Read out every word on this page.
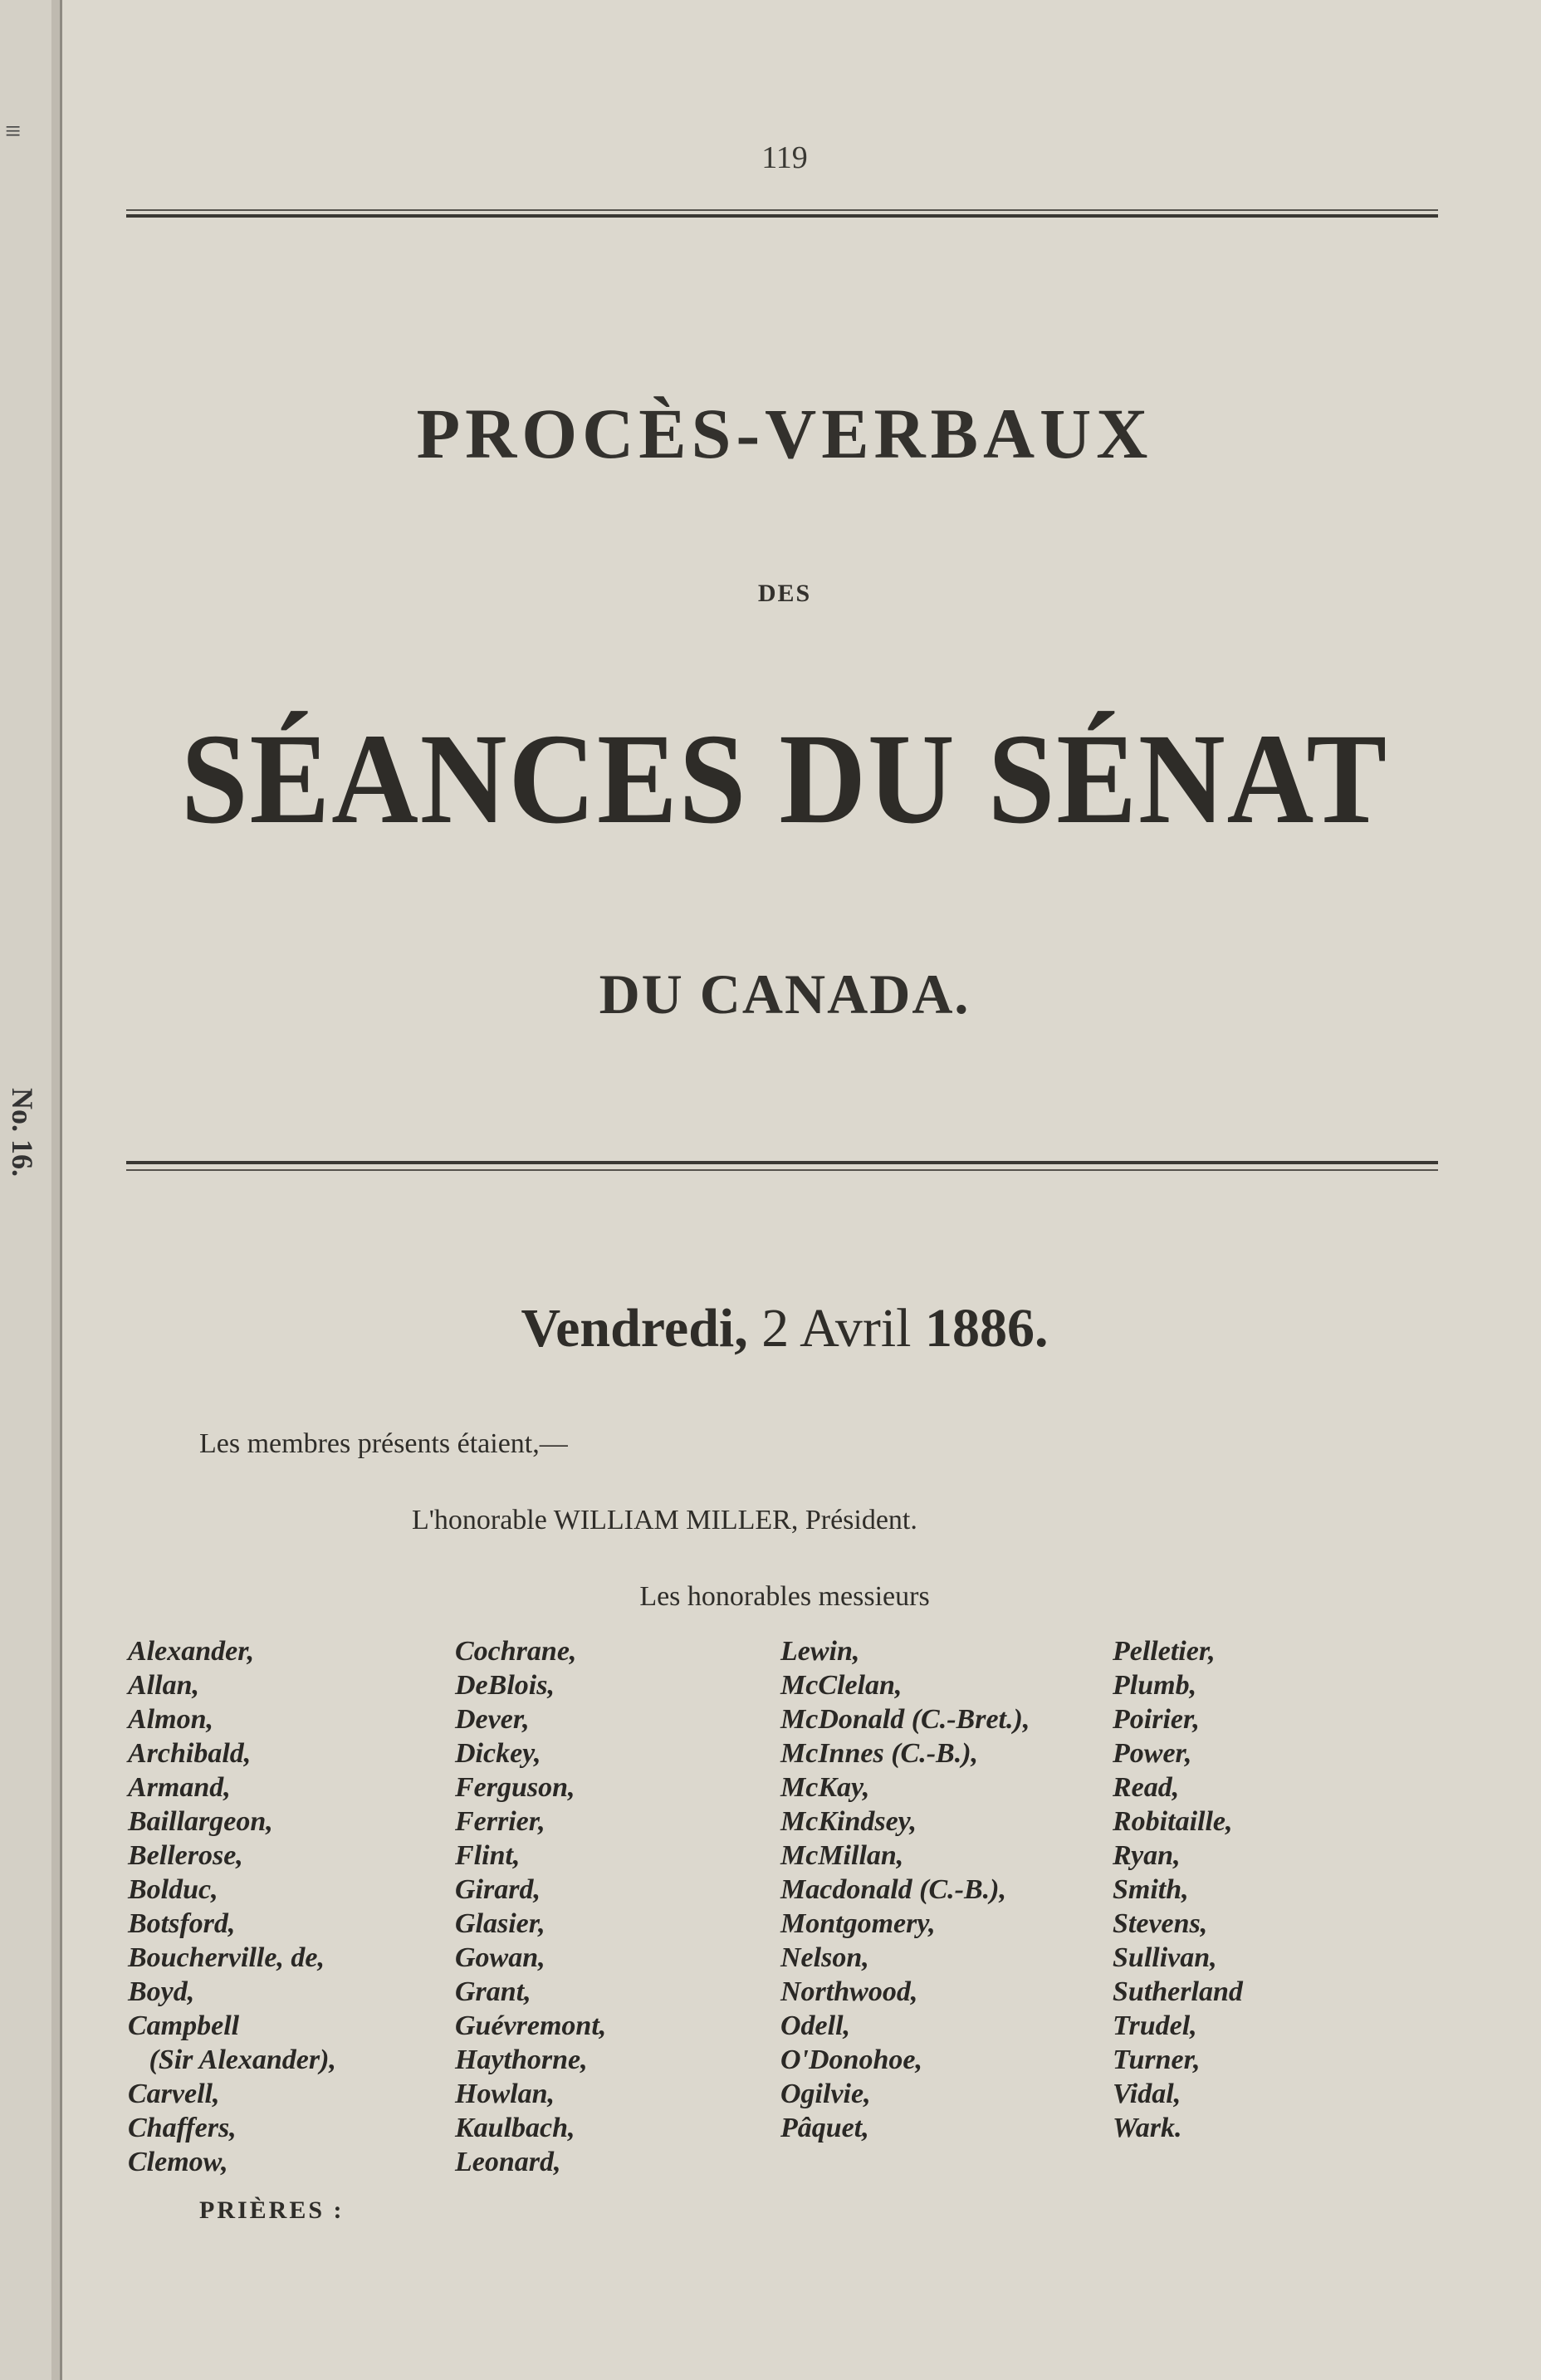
≡
No. 16.
119
PROCÈS-VERBAUX
DES
SÉANCES DU SÉNAT
DU CANADA.
Vendredi, 2 Avril 1886.
Les membres présents étaient,—
L'honorable WILLIAM MILLER, Président.
Les honorables messieurs
Alexander,
Allan,
Almon,
Archibald,
Armand,
Baillargeon,
Bellerose,
Bolduc,
Botsford,
Boucherville, de,
Boyd,
Campbell
(Sir Alexander),
Carvell,
Chaffers,
Clemow,
Cochrane,
DeBlois,
Dever,
Dickey,
Ferguson,
Ferrier,
Flint,
Girard,
Glasier,
Gowan,
Grant,
Guévremont,
Haythorne,
Howlan,
Kaulbach,
Leonard,
Lewin,
McClelan,
McDonald (C.-Bret.),
McInnes (C.-B.),
McKay,
McKindsey,
McMillan,
Macdonald (C.-B.),
Montgomery,
Nelson,
Northwood,
Odell,
O'Donohoe,
Ogilvie,
Pâquet,
Pelletier,
Plumb,
Poirier,
Power,
Read,
Robitaille,
Ryan,
Smith,
Stevens,
Sullivan,
Sutherland
Trudel,
Turner,
Vidal,
Wark.
PRIÈRES :
